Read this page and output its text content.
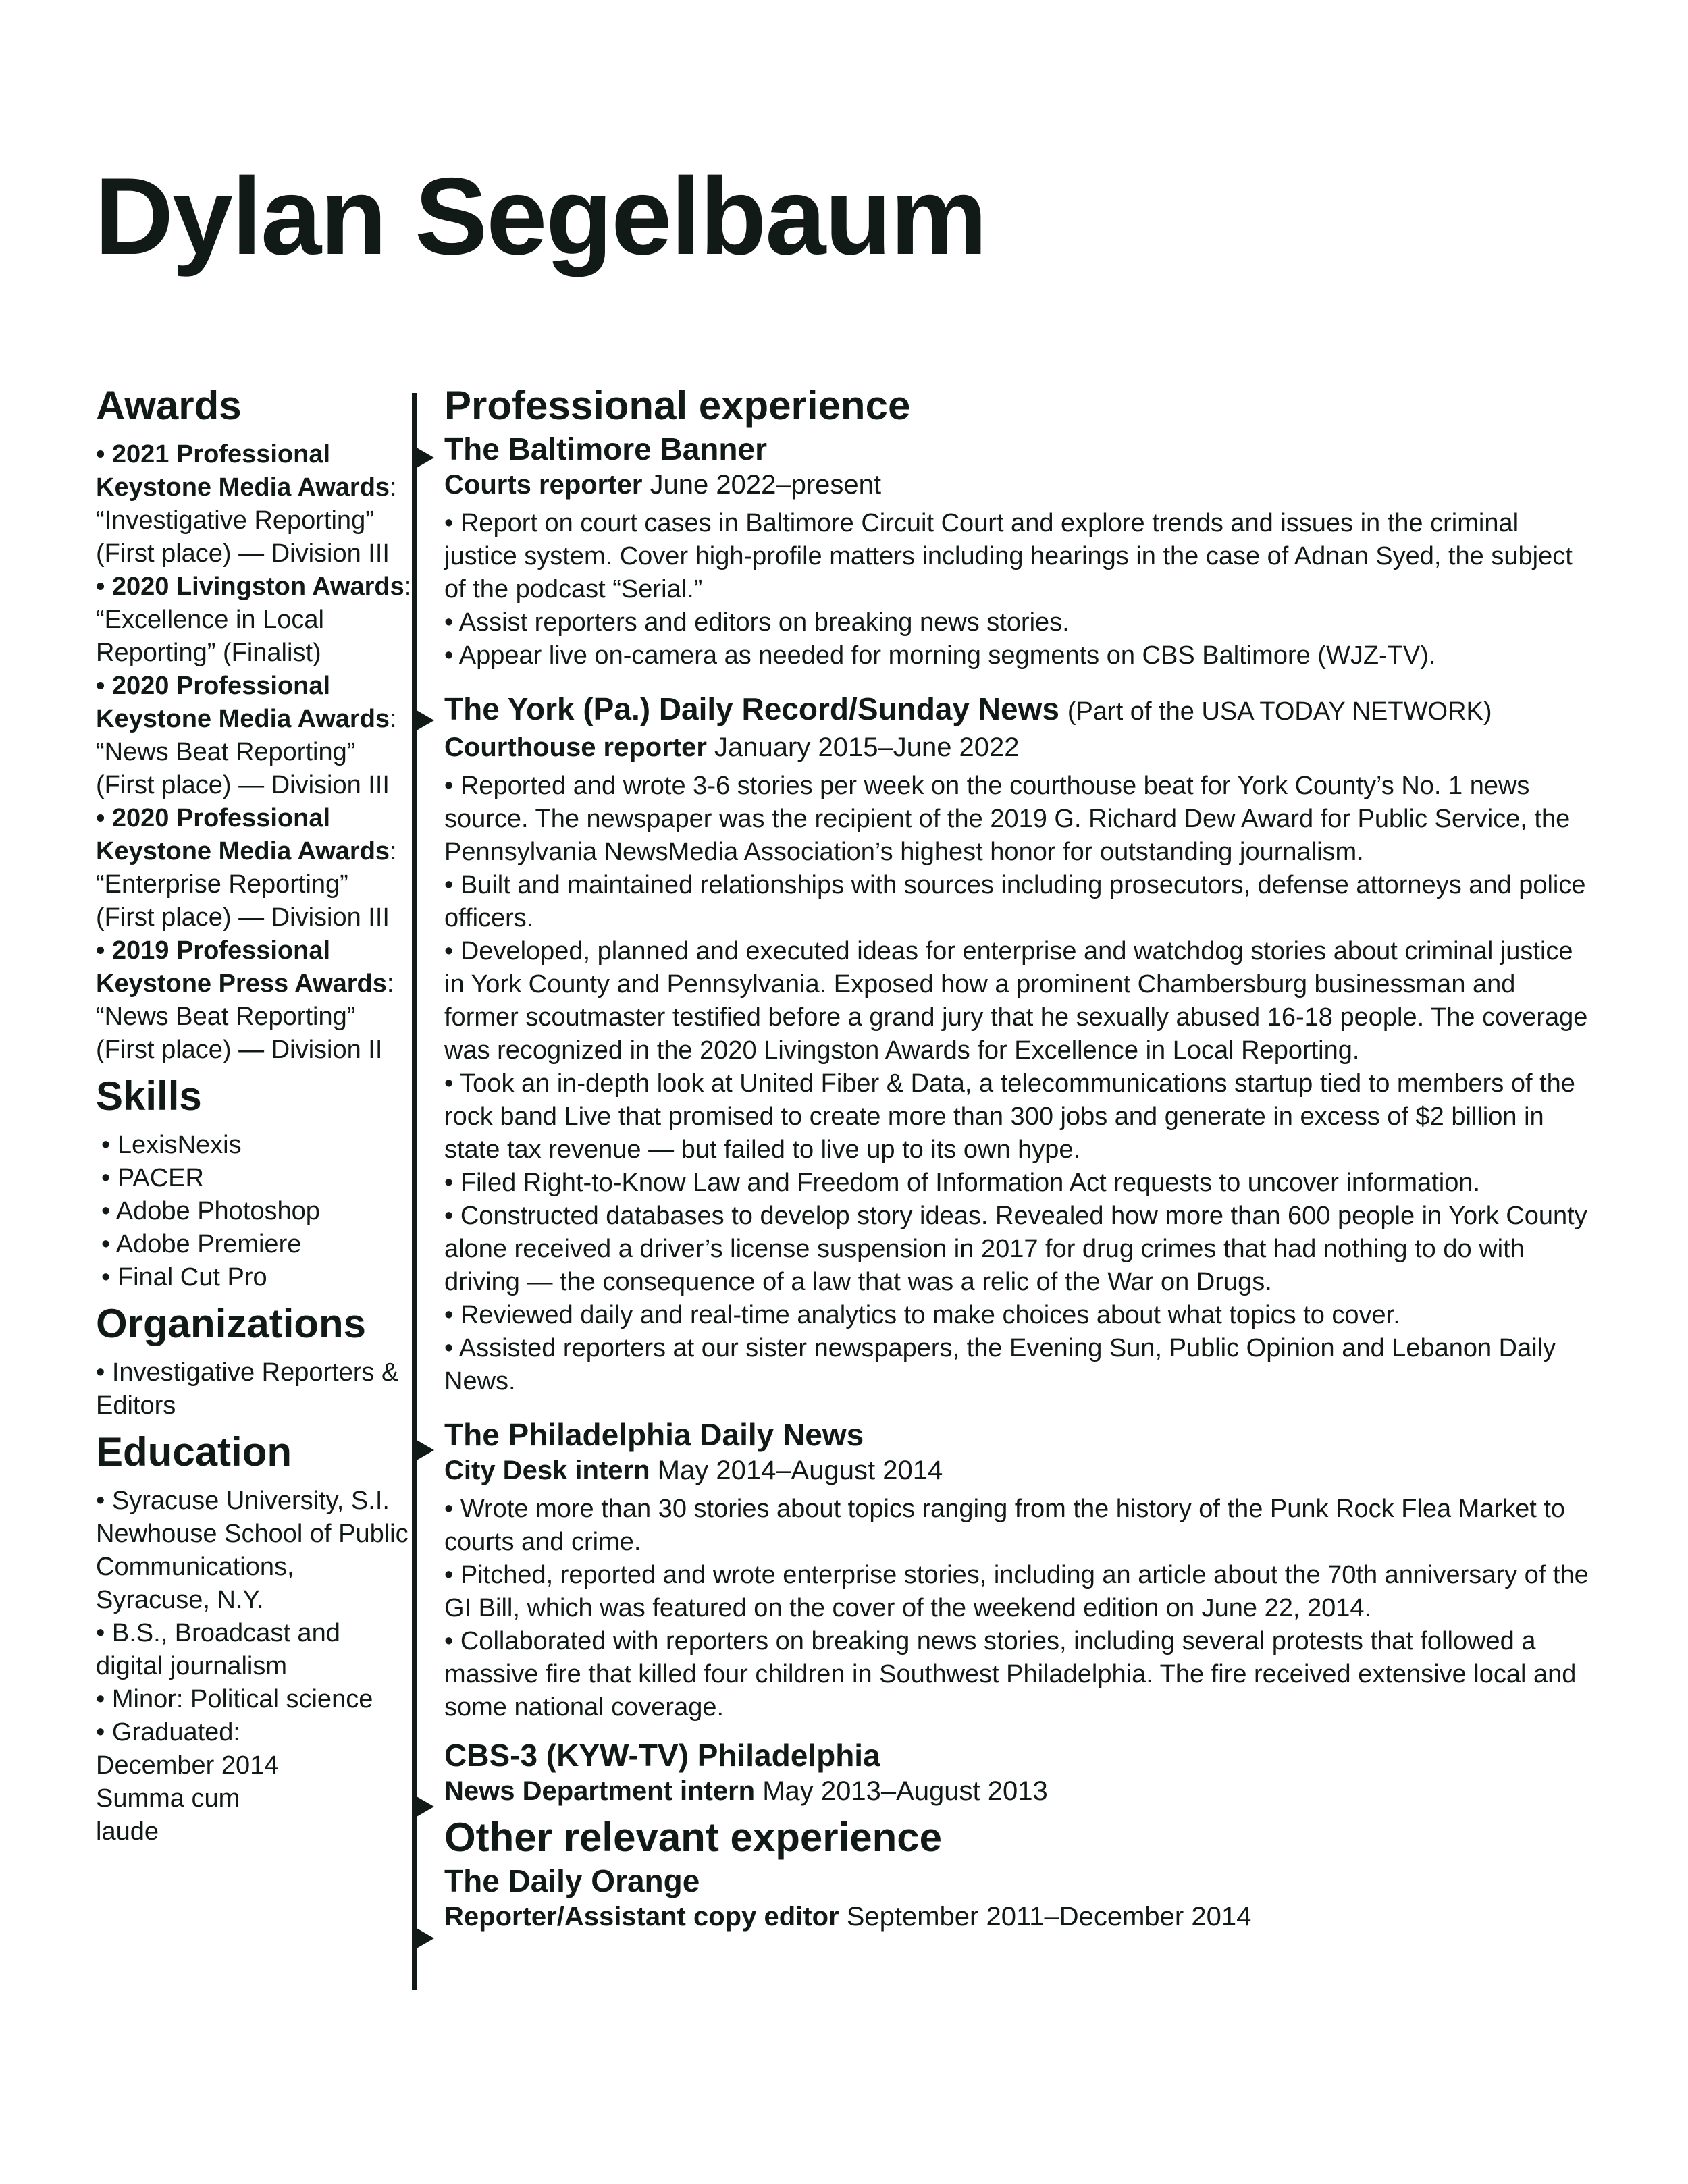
Dylan Segelbaum
Awards

• 2021 Professional Keystone Media Awards: “Investigative Reporting” (First place) — Division III

• 2020 Livingston Awards: “Excellence in Local Reporting” (Finalist)

• 2020 Professional Keystone Media Awards: “News Beat Reporting” (First place) — Division III

• 2020 Professional Keystone Media Awards: “Enterprise Reporting” (First place) — Division III

• 2019 Professional Keystone Press Awards: “News Beat Reporting” (First place) — Division II

Skills

• LexisNexis

• PACER

• Adobe Photoshop

• Adobe Premiere

• Final Cut Pro

Organizations

• Investigative Reporters & Editors

Education

• Syracuse University, S.I. Newhouse School of Public Communications, Syracuse, N.Y.

• B.S., Broadcast and digital journalism

• Minor: Political science

• Graduated: December 2014 Summa cum laude

Professional experience

The Baltimore Banner

Courts reporter June 2022–present

• Report on court cases in Baltimore Circuit Court and explore trends and issues in the criminal justice system. Cover high-profile matters including hearings in the case of Adnan Syed, the subject of the podcast “Serial.”

• Assist reporters and editors on breaking news stories.

• Appear live on-camera as needed for morning segments on CBS Baltimore (WJZ-TV).

The York (Pa.) Daily Record/Sunday News (Part of the USA TODAY NETWORK)

Courthouse reporter January 2015–June 2022

• Reported and wrote 3-6 stories per week on the courthouse beat for York County’s No. 1 news source. The newspaper was the recipient of the 2019 G. Richard Dew Award for Public Service, the Pennsylvania NewsMedia Association’s highest honor for outstanding journalism.

• Built and maintained relationships with sources including prosecutors, defense attorneys and police officers.

• Developed, planned and executed ideas for enterprise and watchdog stories about criminal justice in York County and Pennsylvania. Exposed how a prominent Chambersburg businessman and former scoutmaster testified before a grand jury that he sexually abused 16-18 people. The coverage was recognized in the 2020 Livingston Awards for Excellence in Local Reporting.

• Took an in-depth look at United Fiber & Data, a telecommunications startup tied to members of the rock band Live that promised to create more than 300 jobs and generate in excess of $2 billion in state tax revenue — but failed to live up to its own hype.

• Filed Right-to-Know Law and Freedom of Information Act requests to uncover information.

• Constructed databases to develop story ideas. Revealed how more than 600 people in York County alone received a driver’s license suspension in 2017 for drug crimes that had nothing to do with driving — the consequence of a law that was a relic of the War on Drugs.

• Reviewed daily and real-time analytics to make choices about what topics to cover.

• Assisted reporters at our sister newspapers, the Evening Sun, Public Opinion and Lebanon Daily News.

The Philadelphia Daily News

City Desk intern May 2014–August 2014

• Wrote more than 30 stories about topics ranging from the history of the Punk Rock Flea Market to courts and crime.

• Pitched, reported and wrote enterprise stories, including an article about the 70th anniversary of the GI Bill, which was featured on the cover of the weekend edition on June 22, 2014.

• Collaborated with reporters on breaking news stories, including several protests that followed a massive fire that killed four children in Southwest Philadelphia. The fire received extensive local and some national coverage.

CBS-3 (KYW-TV) Philadelphia

News Department intern May 2013–August 2013

Other relevant experience

The Daily Orange

Reporter/Assistant copy editor September 2011–December 2014
